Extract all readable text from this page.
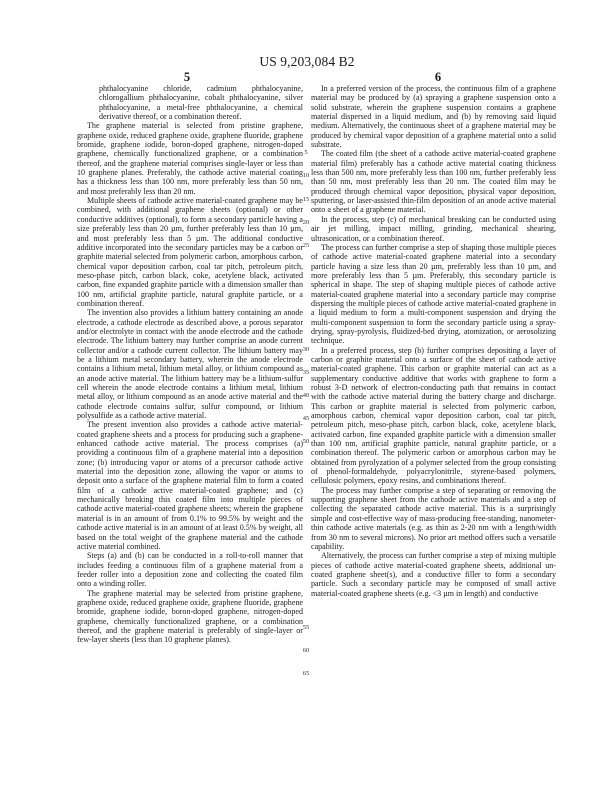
US 9,203,084 B2
5	6

phthalocyanine chloride, cadmium phthalocyanine, chlorogallium phthalocyanine, cobalt phthalocyanine, silver phthalocyanine, a metal-free phthalocyanine, a chemical derivative thereof, or a combination thereof.

The graphene material is selected from pristine graphene, graphene oxide, reduced graphene oxide, graphene fluoride, graphene bromide, graphene iodide, boron-doped graphene, nitrogen-doped graphene, chemically functionalized graphene, or a combination thereof, and the graphene material comprises single-layer or less than 10 graphene planes. Preferably, the cathode active material coating has a thickness less than 100 nm, more preferably less than 50 nm, and most preferably less than 20 nm.

Multiple sheets of cathode active material-coated graphene may be combined, with additional graphene sheets (optional) or other conductive additives (optional), to form a secondary particle having a size preferably less than 20 µm, further preferably less than 10 µm, and most preferably less than 5 µm. The additional conductive additive incorporated into the secondary particles may be a carbon or graphite material selected from polymeric carbon, amorphous carbon, chemical vapor deposition carbon, coal tar pitch, petroleum pitch, meso-phase pitch, carbon black, coke, acetylene black, activated carbon, fine expanded graphite particle with a dimension smaller than 100 nm, artificial graphite particle, natural graphite particle, or a combination thereof.

The invention also provides a lithium battery containing an anode electrode, a cathode electrode as described above, a porous separator and/or electrolyte in contact with the anode electrode and the cathode electrode. The lithium battery may further comprise an anode current collector and/or a cathode current collector. The lithium battery may be a lithium metal secondary battery, wherein the anode electrode contains a lithium metal, lithium metal alloy, or lithium compound as an anode active material. The lithium battery may be a lithium-sulfur cell wherein the anode electrode contains a lithium metal, lithium metal alloy, or lithium compound as an anode active material and the cathode electrode contains sulfur, sulfur compound, or lithium polysulfide as a cathode active material.

The present invention also provides a cathode active material-coated graphene sheets and a process for producing such a graphene-enhanced cathode active material. The process comprises (a) providing a continuous film of a graphene material into a deposition zone; (b) introducing vapor or atoms of a precursor cathode active material into the deposition zone, allowing the vapor or atoms to deposit onto a surface of the graphene material film to form a coated film of a cathode active material-coated graphene; and (c) mechanically breaking this coated film into multiple pieces of cathode active material-coated graphene sheets; wherein the graphene material is in an amount of from 0.1% to 99.5% by weight and the cathode active material is in an amount of at least 0.5% by weight, all based on the total weight of the graphene material and the cathode active material combined.

Steps (a) and (b) can be conducted in a roll-to-roll manner that includes feeding a continuous film of a graphene material from a feeder roller into a deposition zone and collecting the coated film onto a winding roller.

The graphene material may be selected from pristine graphene, graphene oxide, reduced graphene oxide, graphene fluoride, graphene bromide, graphene iodide, boron-doped graphene, nitrogen-doped graphene, chemically functionalized graphene, or a combination thereof, and the graphene material is preferably of single-layer or few-layer sheets (less than 10 graphene planes).

In a preferred version of the process, the continuous film of a graphene material may be produced by (a) spraying a graphene suspension onto a solid substrate, wherein the graphene suspension contains a graphene material dispersed in a liquid medium, and (b) by removing said liquid medium. Alternatively, the continuous sheet of a graphene material may be produced by chemical vapor deposition of a graphene material onto a solid substrate.

The coated film (the sheet of a cathode active material-coated graphene material film) preferably has a cathode active material coating thickness less than 500 nm, more preferably less than 100 nm, further preferably less than 50 nm, most preferably less than 20 nm. The coated film may be produced through chemical vapor deposition, physical vapor deposition, sputtering, or laser-assisted thin-film deposition of an anode active material onto a sheet of a graphene material.

In the process, step (c) of mechanical breaking can be conducted using air jet milling, impact milling, grinding, mechanical shearing, ultrasonication, or a combination thereof.

The process can further comprise a step of shaping those multiple pieces of cathode active material-coated graphene material into a secondary particle having a size less than 20 µm, preferably less than 10 µm, and more preferably less than 5 µm. Preferably, this secondary particle is spherical in shape. The step of shaping multiple pieces of cathode active material-coated graphene material into a secondary particle may comprise dispersing the multiple pieces of cathode active material-coated graphene in a liquid medium to form a multi-component suspension and drying the multi-component suspension to form the secondary particle using a spray-drying, spray-pyrolysis, fluidized-bed drying, atomization, or aerosolizing technique.

In a preferred process, step (b) further comprises depositing a layer of carbon or graphite material onto a surface of the sheet of cathode active material-coated graphene. This carbon or graphite material can act as a supplementary conductive additive that works with graphene to form a robust 3-D network of electron-conducting path that remains in contact with the cathode active material during the battery charge and discharge. This carbon or graphite material is selected from polymeric carbon, amorphous carbon, chemical vapor deposition carbon, coal tar pitch, petroleum pitch, meso-phase pitch, carbon black, coke, acetylene black, activated carbon, fine expanded graphite particle with a dimension smaller than 100 nm, artificial graphite particle, natural graphite particle, or a combination thereof. The polymeric carbon or amorphous carbon may be obtained from pyrolyzation of a polymer selected from the group consisting of phenol-formaldehyde, polyacrylonitrile, styrene-based polymers, cellulosic polymers, epoxy resins, and combinations thereof.

The process may further comprise a step of separating or removing the supporting graphene sheet from the cathode active materials and a step of collecting the separated cathode active material. This is a surprisingly simple and cost-effective way of mass-producing free-standing, nanometer-thin cathode active materials (e.g. as thin as 2-20 nm with a length/width from 30 nm to several microns). No prior art method offers such a versatile capability.

Alternatively, the process can further comprise a step of mixing multiple pieces of cathode active material-coated graphene sheets, additional un-coated graphene sheet(s), and a conductive filler to form a secondary particle. Such a secondary particle may be composed of small active material-coated graphene sheets (e.g. <3 µm in length) and conductive

5
10
15
20
25
30
35
40
45
50
55
60
65
